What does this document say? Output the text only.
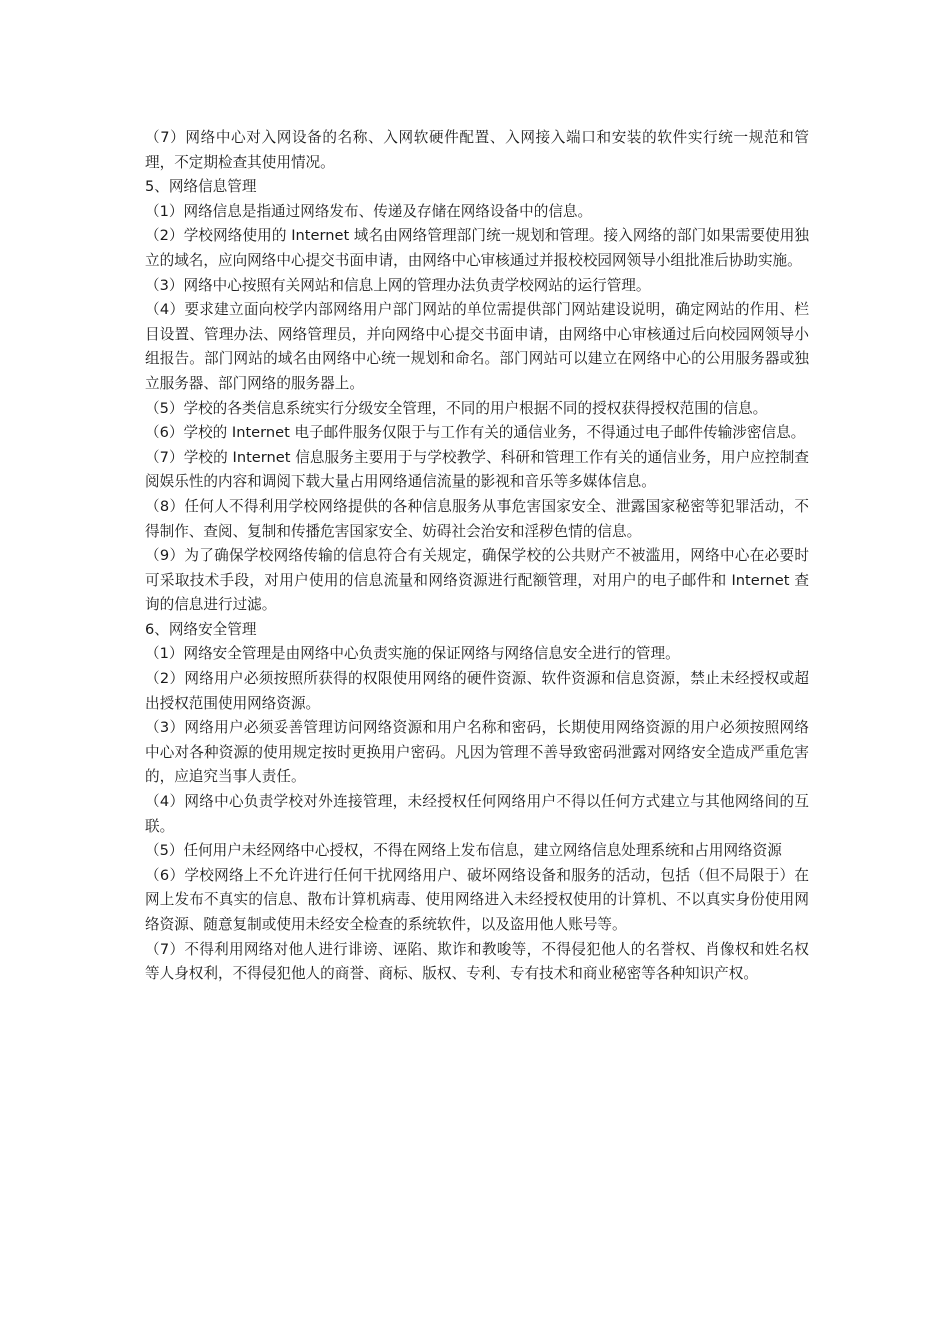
（7）网络中心对入网设备的名称、入网软硬件配置、入网接入端口和安装的软件实行统一规范和管理，不定期检查其使用情况。

5、网络信息管理

（1）网络信息是指通过网络发布、传递及存储在网络设备中的信息。

（2）学校网络使用的 Internet 域名由网络管理部门统一规划和管理。接入网络的部门如果需要使用独立的域名，应向网络中心提交书面申请，由网络中心审核通过并报校校园网领导小组批准后协助实施。

（3）网络中心按照有关网站和信息上网的管理办法负责学校网站的运行管理。

（4）要求建立面向校学内部网络用户部门网站的单位需提供部门网站建设说明，确定网站的作用、栏目设置、管理办法、网络管理员，并向网络中心提交书面申请，由网络中心审核通过后向校园网领导小组报告。部门网站的域名由网络中心统一规划和命名。部门网站可以建立在网络中心的公用服务器或独立服务器、部门网络的服务器上。

（5）学校的各类信息系统实行分级安全管理，不同的用户根据不同的授权获得授权范围的信息。

（6）学校的 Internet 电子邮件服务仅限于与工作有关的通信业务，不得通过电子邮件传输涉密信息。

（7）学校的 Internet 信息服务主要用于与学校教学、科研和管理工作有关的通信业务，用户应控制查阅娱乐性的内容和调阅下载大量占用网络通信流量的影视和音乐等多媒体信息。

（8）任何人不得利用学校网络提供的各种信息服务从事危害国家安全、泄露国家秘密等犯罪活动，不得制作、查阅、复制和传播危害国家安全、妨碍社会治安和淫秽色情的信息。

（9）为了确保学校网络传输的信息符合有关规定，确保学校的公共财产不被滥用，网络中心在必要时可采取技术手段，对用户使用的信息流量和网络资源进行配额管理，对用户的电子邮件和 Internet 查询的信息进行过滤。

6、网络安全管理

（1）网络安全管理是由网络中心负责实施的保证网络与网络信息安全进行的管理。

（2）网络用户必须按照所获得的权限使用网络的硬件资源、软件资源和信息资源，禁止未经授权或超出授权范围使用网络资源。

（3）网络用户必须妥善管理访问网络资源和用户名称和密码，长期使用网络资源的用户必须按照网络中心对各种资源的使用规定按时更换用户密码。凡因为管理不善导致密码泄露对网络安全造成严重危害的，应追究当事人责任。

（4）网络中心负责学校对外连接管理，未经授权任何网络用户不得以任何方式建立与其他网络间的互联。

（5）任何用户未经网络中心授权，不得在网络上发布信息，建立网络信息处理系统和占用网络资源

（6）学校网络上不允许进行任何干扰网络用户、破坏网络设备和服务的活动，包括（但不局限于）在网上发布不真实的信息、散布计算机病毒、使用网络进入未经授权使用的计算机、不以真实身份使用网络资源、随意复制或使用未经安全检查的系统软件，以及盗用他人账号等。

（7）不得利用网络对他人进行诽谤、诬陷、欺诈和教唆等，不得侵犯他人的名誉权、肖像权和姓名权等人身权利，不得侵犯他人的商誉、商标、版权、专利、专有技术和商业秘密等各种知识产权。
